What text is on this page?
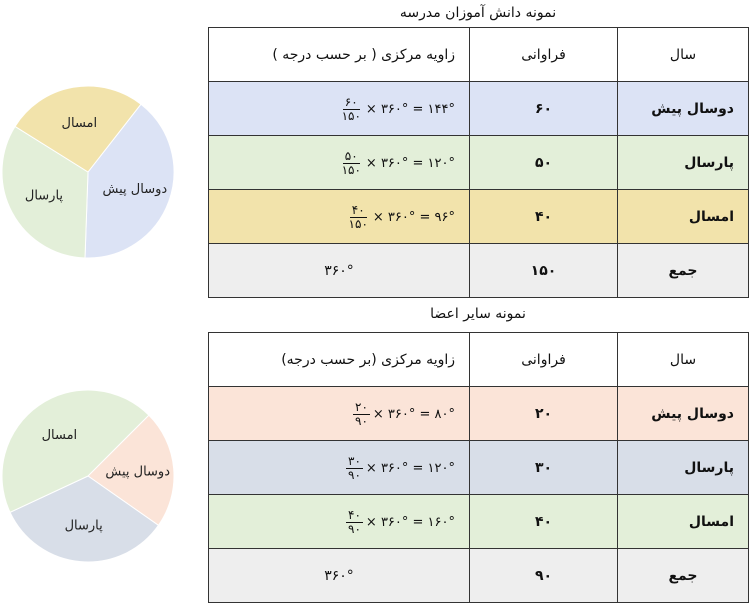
نمونه دانش آموزان مدرسه
سال	فراوانی	زاویه مرکزی ( بر حسب درجه )
دوسال پیش	۶۰	$\frac{۶۰}{۱۵۰}$ × ۳۶۰° = ۱۴۴°

پارسال	۵۰	$\frac{۵۰}{۱۵۰}$ × ۳۶۰° = ۱۲۰°

امسال	۴۰	$\frac{۴۰}{۱۵۰}$ × ۳۶۰° = ۹۶°

جمع	۱۵۰	۳۶۰°
نمونه سایر اعضا
سال	فراوانی	زاویه مرکزی (بر حسب درجه)
دوسال پیش	۲۰	$\frac{۲۰}{۹۰}$ × ۳۶۰° = ۸۰°

پارسال	۳۰	$\frac{۳۰}{۹۰}$ × ۳۶۰° = ۱۲۰°

امسال	۴۰	$\frac{۴۰}{۹۰}$ × ۳۶۰° = ۱۶۰°

جمع	۹۰	۳۶۰°
دوسال پیش
پارسال
امسال
دوسال پیش
پارسال
امسال
